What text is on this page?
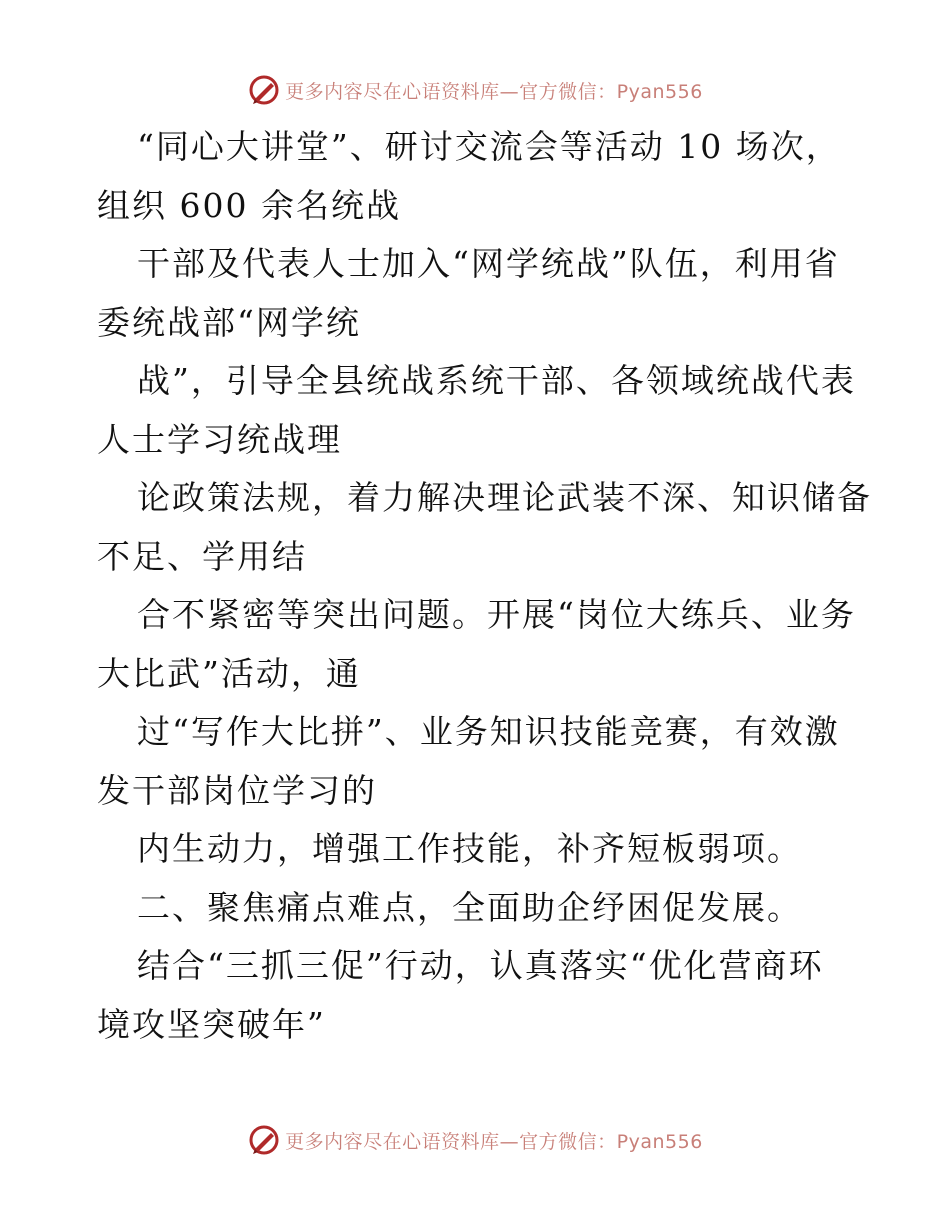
更多内容尽在心语资料库—官方微信：Pyan556
“同心大讲堂”、研讨交流会等活动 10 场次，
组织 600 余名统战
干部及代表人士加入“网学统战”队伍，利用省
委统战部“网学统
战”，引导全县统战系统干部、各领域统战代表
人士学习统战理
论政策法规，着力解决理论武装不深、知识储备
不足、学用结
合不紧密等突出问题。开展“岗位大练兵、业务
大比武”活动，通
过“写作大比拼”、业务知识技能竞赛，有效激
发干部岗位学习的
内生动力，增强工作技能，补齐短板弱项。
二、聚焦痛点难点，全面助企纾困促发展。
结合“三抓三促”行动，认真落实“优化营商环
境攻坚突破年”
更多内容尽在心语资料库—官方微信：Pyan556
